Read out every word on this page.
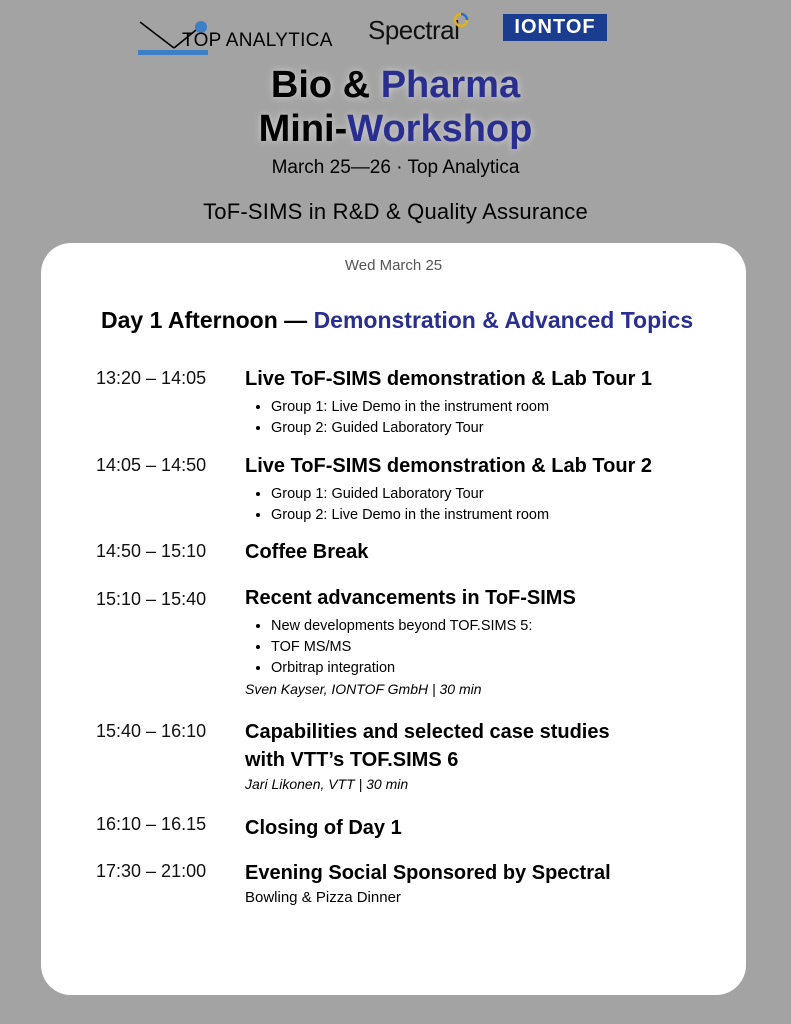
TOP ANALYTICA Spectral	IONTOF
Bio & Pharma
Mini-Workshop
March 25—26 · Top Analytica
ToF-SIMS in R&D & Quality Assurance
Wed March 25
Day 1 Afternoon — Demonstration & Advanced Topics
13:20 – 14:05 Live ToF-SIMS demonstration & Lab Tour 1
• Group 1: Live Demo in the instrument room
• Group 2: Guided Laboratory Tour
14:05 – 14:50 Live ToF-SIMS demonstration & Lab Tour 2
• Group 1: Guided Laboratory Tour
• Group 2: Live Demo in the instrument room
14:50 – 15:10 Coffee Break
15:10 – 15:40 Recent advancements in ToF-SIMS
• New developments beyond TOF.SIMS 5:
• TOF MS/MS
• Orbitrap integration
Sven Kayser, IONTOF GmbH | 30 min
15:40 – 16:10 Capabilities and selected case studies
with VTT’s TOF.SIMS 6
Jari Likonen, VTT | 30 min
16:10 – 16.15 Closing of Day 1
17:30 – 21:00 Evening Social Sponsored by Spectral
Bowling & Pizza Dinner
